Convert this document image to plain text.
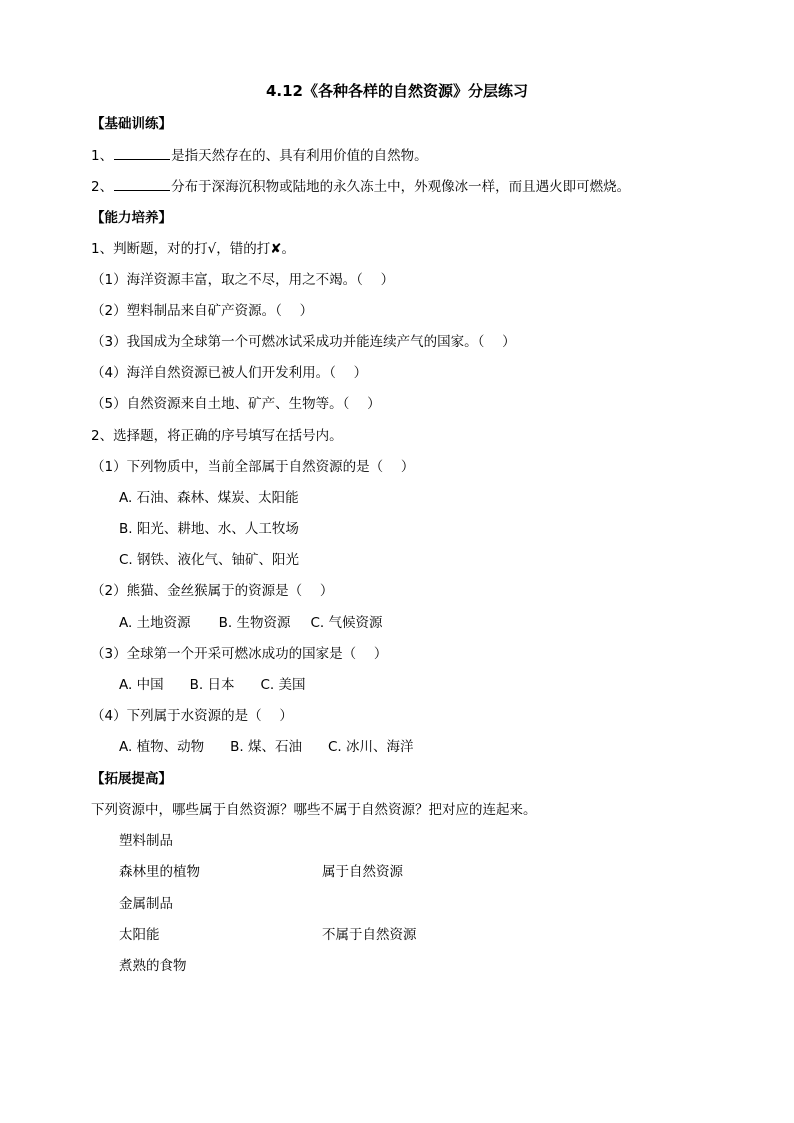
4.12《各种各样的自然资源》分层练习
【基础训练】
1、	是指天然存在的、具有利用价值的自然物。
2、	分布于深海沉积物或陆地的永久冻土中，外观像冰一样，而且遇火即可燃烧。
【能力培养】
1、判断题，对的打√，错的打✘。
（1）海洋资源丰富，取之不尽，用之不竭。（　 ）
（2）塑料制品来自矿产资源。（　 ）
（3）我国成为全球第一个可燃冰试采成功并能连续产气的国家。（　 ）
（4）海洋自然资源已被人们开发利用。（　 ）
（5）自然资源来自土地、矿产、生物等。（　 ）
2、选择题，将正确的序号填写在括号内。
（1）下列物质中，当前全部属于自然资源的是（　 ）
A. 石油、森林、煤炭、太阳能
B. 阳光、耕地、水、人工牧场
C. 钢铁、液化气、铀矿、阳光
（2）熊猫、金丝猴属于的资源是（　 ）
A. 土地资源 B. 生物资源 C. 气候资源
（3）全球第一个开采可燃冰成功的国家是（　 ）
A. 中国 B. 日本 C. 美国
（4）下列属于水资源的是（　 ）
A. 植物、动物 B. 煤、石油 C. 冰川、海洋
【拓展提高】
下列资源中，哪些属于自然资源？哪些不属于自然资源？把对应的连起来。
塑料制品
森林里的植物	属于自然资源
金属制品
太阳能	不属于自然资源
煮熟的食物
